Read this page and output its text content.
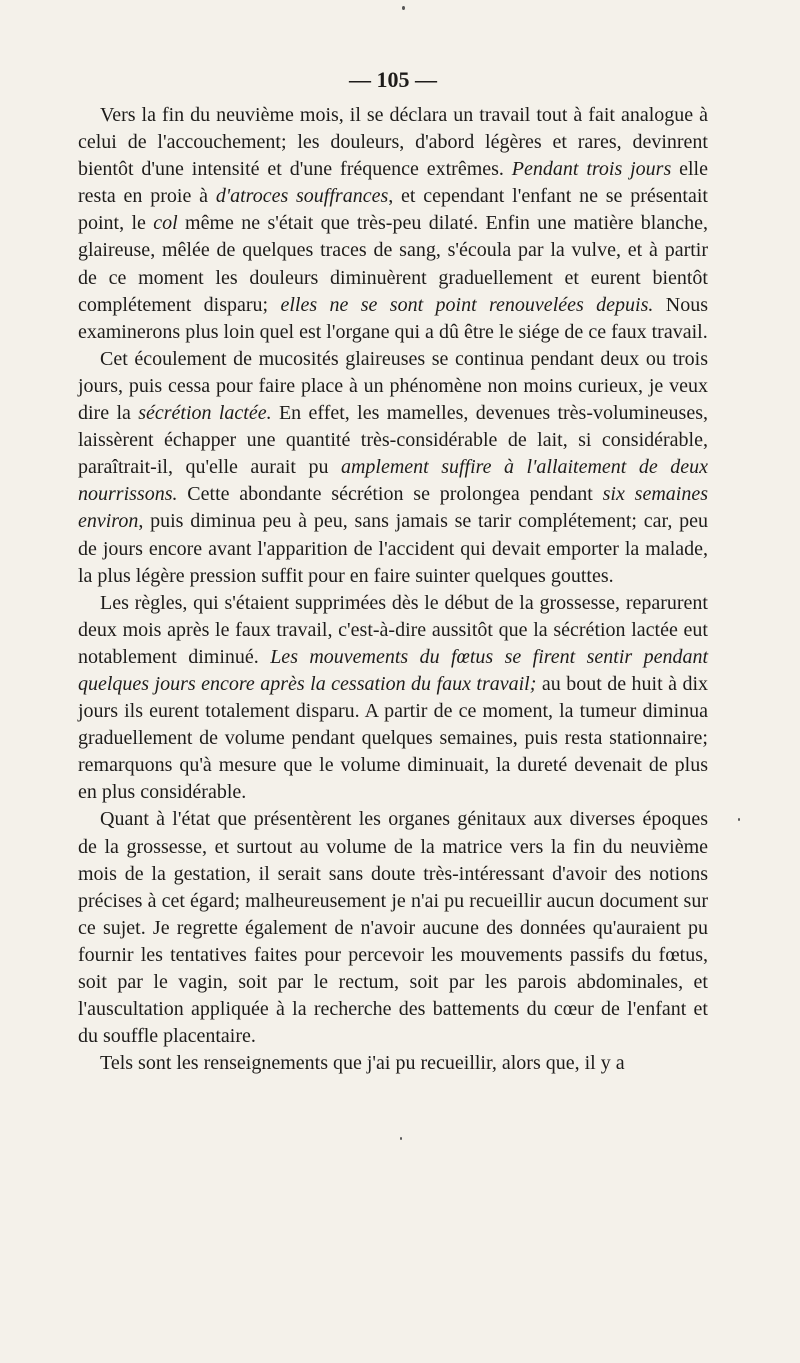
— 105 —

Vers la fin du neuvième mois, il se déclara un travail tout à fait analogue à celui de l'accouchement; les douleurs, d'abord légères et rares, devinrent bientôt d'une intensité et d'une fréquence extrêmes. Pendant trois jours elle resta en proie à d'atroces souffrances, et cependant l'enfant ne se présentait point, le col même ne s'était que très-peu dilaté. Enfin une matière blanche, glaireuse, mêlée de quelques traces de sang, s'écoula par la vulve, et à partir de ce moment les douleurs diminuèrent graduellement et eurent bientôt complétement disparu; elles ne se sont point renouvelées depuis. Nous examinerons plus loin quel est l'organe qui a dû être le siége de ce faux travail.

Cet écoulement de mucosités glaireuses se continua pendant deux ou trois jours, puis cessa pour faire place à un phénomène non moins curieux, je veux dire la sécrétion lactée. En effet, les mamelles, devenues très-volumineuses, laissèrent échapper une quantité très-considérable de lait, si considérable, paraîtrait-il, qu'elle aurait pu amplement suffire à l'allaitement de deux nourrissons. Cette abondante sécrétion se prolongea pendant six semaines environ, puis diminua peu à peu, sans jamais se tarir complétement; car, peu de jours encore avant l'apparition de l'accident qui devait emporter la malade, la plus légère pression suffit pour en faire suinter quelques gouttes.

Les règles, qui s'étaient supprimées dès le début de la grossesse, reparurent deux mois après le faux travail, c'est-à-dire aussitôt que la sécrétion lactée eut notablement diminué. Les mouvements du fœtus se firent sentir pendant quelques jours encore après la cessation du faux travail; au bout de huit à dix jours ils eurent totalement disparu. A partir de ce moment, la tumeur diminua graduellement de volume pendant quelques semaines, puis resta stationnaire; remarquons qu'à mesure que le volume diminuait, la dureté devenait de plus en plus considérable.

Quant à l'état que présentèrent les organes génitaux aux diverses époques de la grossesse, et surtout au volume de la matrice vers la fin du neuvième mois de la gestation, il serait sans doute très-intéressant d'avoir des notions précises à cet égard; malheureusement je n'ai pu recueillir aucun document sur ce sujet. Je regrette également de n'avoir aucune des données qu'auraient pu fournir les tentatives faites pour percevoir les mouvements passifs du fœtus, soit par le vagin, soit par le rectum, soit par les parois abdominales, et l'auscultation appliquée à la recherche des battements du cœur de l'enfant et du souffle placentaire.

Tels sont les renseignements que j'ai pu recueillir, alors que, il y a
